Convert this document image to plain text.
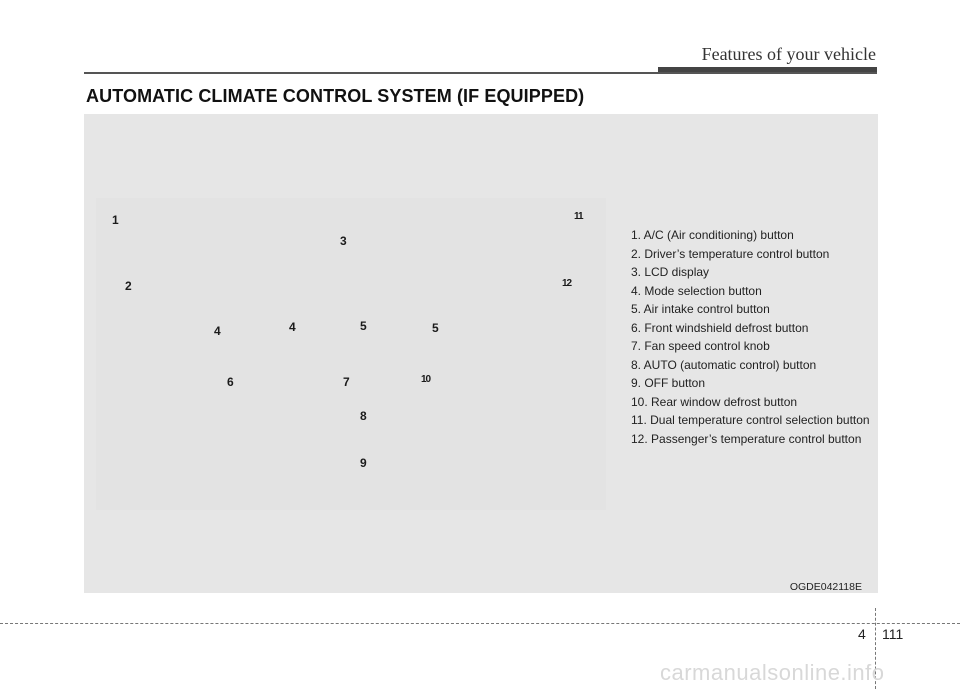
Features of your vehicle
AUTOMATIC CLIMATE CONTROL SYSTEM (IF EQUIPPED)
1
2
3
4	4	5	5
6	7
8
9
10
11
12
1. A/C (Air conditioning) button
2. Driver’s temperature control button
3. LCD display
4. Mode selection button
5. Air intake control button
6. Front windshield defrost button
7. Fan speed control knob
8. AUTO (automatic control) button
9. OFF button
10. Rear window defrost button
11. Dual temperature control selection button
12. Passenger’s temperature control button
OGDE042118E
4 111
carmanualsonline.info
